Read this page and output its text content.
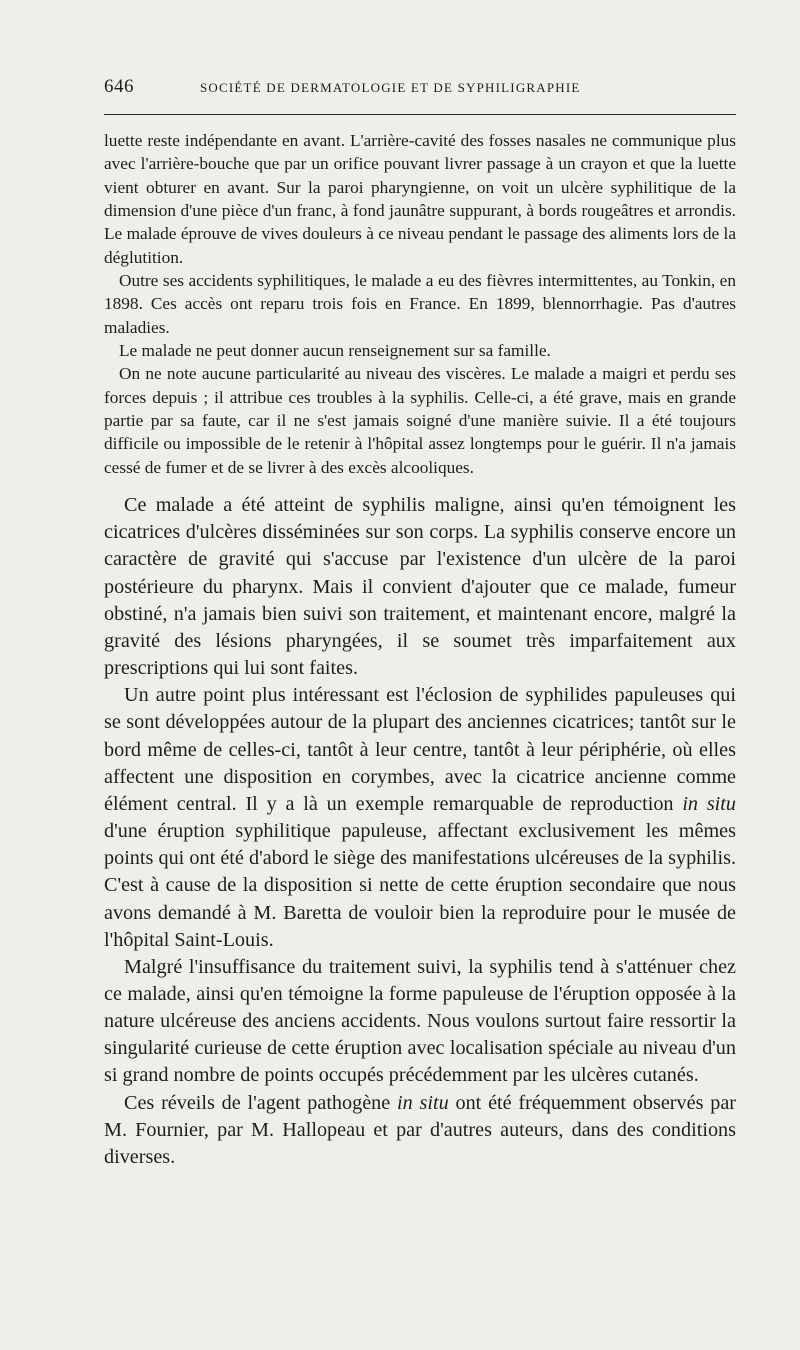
646	SOCIÉTÉ DE DERMATOLOGIE ET DE SYPHILIGRAPHIE

luette reste indépendante en avant. L'arrière-cavité des fosses nasales ne communique plus avec l'arrière-bouche que par un orifice pouvant livrer passage à un crayon et que la luette vient obturer en avant. Sur la paroi pharyngienne, on voit un ulcère syphilitique de la dimension d'une pièce d'un franc, à fond jaunâtre suppurant, à bords rougeâtres et arrondis. Le malade éprouve de vives douleurs à ce niveau pendant le passage des aliments lors de la déglutition.

Outre ses accidents syphilitiques, le malade a eu des fièvres intermittentes, au Tonkin, en 1898. Ces accès ont reparu trois fois en France. En 1899, blennorrhagie. Pas d'autres maladies.

Le malade ne peut donner aucun renseignement sur sa famille.

On ne note aucune particularité au niveau des viscères. Le malade a maigri et perdu ses forces depuis ; il attribue ces troubles à la syphilis. Celle-ci, a été grave, mais en grande partie par sa faute, car il ne s'est jamais soigné d'une manière suivie. Il a été toujours difficile ou impossible de le retenir à l'hôpital assez longtemps pour le guérir. Il n'a jamais cessé de fumer et de se livrer à des excès alcooliques.

Ce malade a été atteint de syphilis maligne, ainsi qu'en témoignent les cicatrices d'ulcères disséminées sur son corps. La syphilis conserve encore un caractère de gravité qui s'accuse par l'existence d'un ulcère de la paroi postérieure du pharynx. Mais il convient d'ajouter que ce malade, fumeur obstiné, n'a jamais bien suivi son traitement, et maintenant encore, malgré la gravité des lésions pharyngées, il se soumet très imparfaitement aux prescriptions qui lui sont faites.

Un autre point plus intéressant est l'éclosion de syphilides papuleuses qui se sont développées autour de la plupart des anciennes cicatrices; tantôt sur le bord même de celles-ci, tantôt à leur centre, tantôt à leur périphérie, où elles affectent une disposition en corymbes, avec la cicatrice ancienne comme élément central. Il y a là un exemple remarquable de reproduction in situ d'une éruption syphilitique papuleuse, affectant exclusivement les mêmes points qui ont été d'abord le siège des manifestations ulcéreuses de la syphilis. C'est à cause de la disposition si nette de cette éruption secondaire que nous avons demandé à M. Baretta de vouloir bien la reproduire pour le musée de l'hôpital Saint-Louis.

Malgré l'insuffisance du traitement suivi, la syphilis tend à s'atténuer chez ce malade, ainsi qu'en témoigne la forme papuleuse de l'éruption opposée à la nature ulcéreuse des anciens accidents. Nous voulons surtout faire ressortir la singularité curieuse de cette éruption avec localisation spéciale au niveau d'un si grand nombre de points occupés précédemment par les ulcères cutanés.

Ces réveils de l'agent pathogène in situ ont été fréquemment observés par M. Fournier, par M. Hallopeau et par d'autres auteurs, dans des conditions diverses.
